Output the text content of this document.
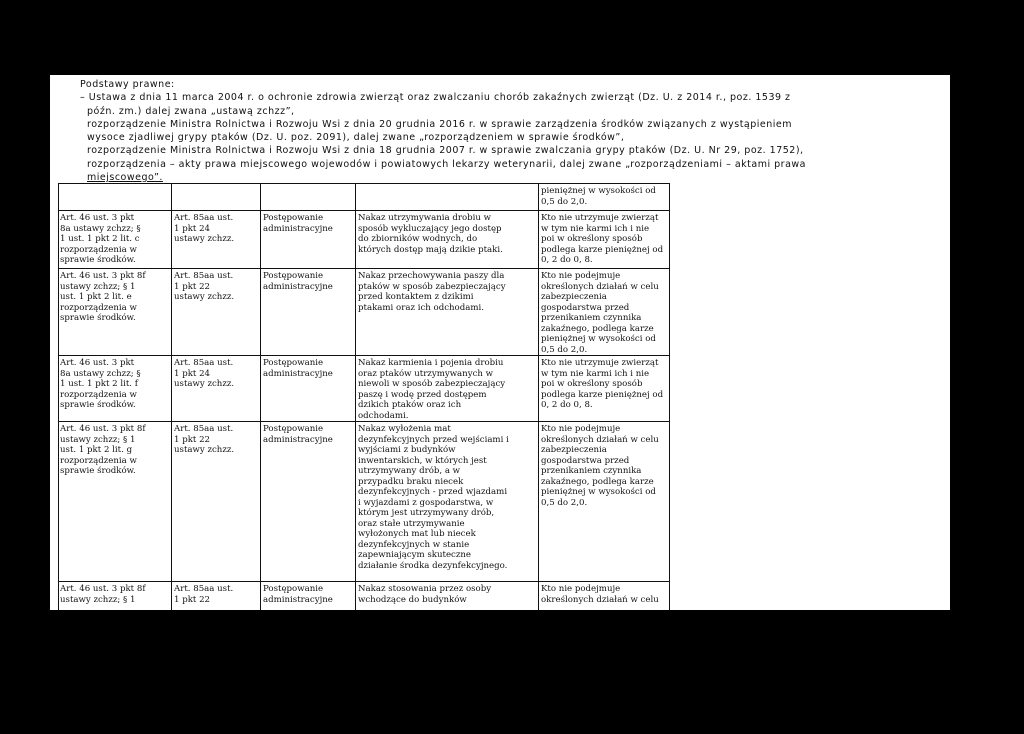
Podstawy prawne:
– Ustawa z dnia 11 marca 2004 r. o ochronie zdrowia zwierząt oraz zwalczaniu chorób zakaźnych zwierząt (Dz. U. z 2014 r., poz. 1539 z
późn. zm.) dalej zwana „ustawą zchzz”,
rozporządzenie Ministra Rolnictwa i Rozwoju Wsi z dnia 20 grudnia 2016 r. w sprawie zarządzenia środków związanych z wystąpieniem
wysoce zjadliwej grypy ptaków (Dz. U. poz. 2091), dalej zwane „rozporządzeniem w sprawie środków”,
rozporządzenie Ministra Rolnictwa i Rozwoju Wsi z dnia 18 grudnia 2007 r. w sprawie zwalczania grypy ptaków (Dz. U. Nr 29, poz. 1752),
rozporządzenia – akty prawa miejscowego wojewodów i powiatowych lekarzy weterynarii, dalej zwane „rozporządzeniami – aktami prawa
miejscowego”.
pieniężnej w wysokości od
0,5 do 2,0.
Art. 46 ust. 3 pkt
8a ustawy zchzz; §
1 ust. 1 pkt 2 lit. c
rozporządzenia w
sprawie środków.
Art. 85aa ust.
1 pkt 24
ustawy zchzz.
Postępowanie
administracyjne
Nakaz utrzymywania drobiu w
sposób wykluczający jego dostęp
do zbiorników wodnych, do
których dostęp mają dzikie ptaki.
Kto nie utrzymuje zwierząt
w tym nie karmi ich i nie
poi w określony sposób
podlega karze pieniężnej od
0, 2 do 0, 8.
Art. 46 ust. 3 pkt 8f
ustawy zchzz; § 1
ust. 1 pkt 2 lit. e
rozporządzenia w
sprawie środków.
Art. 85aa ust.
1 pkt 22
ustawy zchzz.
Postępowanie
administracyjne
Nakaz przechowywania paszy dla
ptaków w sposób zabezpieczający
przed kontaktem z dzikimi
ptakami oraz ich odchodami.
Kto nie podejmuje
określonych działań w celu
zabezpieczenia
gospodarstwa przed
przenikaniem czynnika
zakaźnego, podlega karze
pieniężnej w wysokości od
0,5 do 2,0.
Art. 46 ust. 3 pkt
8a ustawy zchzz; §
1 ust. 1 pkt 2 lit. f
rozporządzenia w
sprawie środków.
Art. 85aa ust.
1 pkt 24
ustawy zchzz.
Postępowanie
administracyjne
Nakaz karmienia i pojenia drobiu
oraz ptaków utrzymywanych w
niewoli w sposób zabezpieczający
paszę i wodę przed dostępem
dzikich ptaków oraz ich
odchodami.
Kto nie utrzymuje zwierząt
w tym nie karmi ich i nie
poi w określony sposób
podlega karze pieniężnej od
0, 2 do 0, 8.
Art. 46 ust. 3 pkt 8f
ustawy zchzz; § 1
ust. 1 pkt 2 lit. g
rozporządzenia w
sprawie środków.
Art. 85aa ust.
1 pkt 22
ustawy zchzz.
Postępowanie
administracyjne
Nakaz wyłożenia mat
dezynfekcyjnych przed wejściami i
wyjściami z budynków
inwentarskich, w których jest
utrzymywany drób, a w
przypadku braku niecek
dezynfekcyjnych - przed wjazdami
i wyjazdami z gospodarstwa, w
którym jest utrzymywany drób,
oraz stałe utrzymywanie
wyłożonych mat lub niecek
dezynfekcyjnych w stanie
zapewniającym skuteczne
działanie środka dezynfekcyjnego.
Kto nie podejmuje
określonych działań w celu
zabezpieczenia
gospodarstwa przed
przenikaniem czynnika
zakaźnego, podlega karze
pieniężnej w wysokości od
0,5 do 2,0.
Art. 46 ust. 3 pkt 8f
ustawy zchzz; § 1
Art. 85aa ust.
1 pkt 22
Postępowanie
administracyjne
Nakaz stosowania przez osoby
wchodzące do budynków
Kto nie podejmuje
określonych działań w celu
